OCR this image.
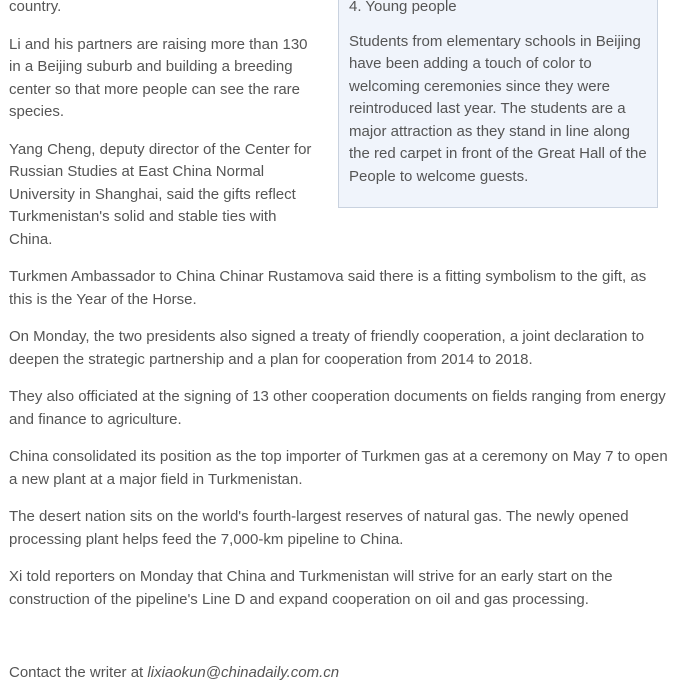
4. Young people

Students from elementary schools in Beijing have been adding a touch of color to welcoming ceremonies since they were reintroduced last year. The students are a major attraction as they stand in line along the red carpet in front of the Great Hall of the People to welcome guests.

country.

Li and his partners are raising more than 130 in a Beijing suburb and building a breeding center so that more people can see the rare species.

Yang Cheng, deputy director of the Center for Russian Studies at East China Normal University in Shanghai, said the gifts reflect Turkmenistan's solid and stable ties with China.

Turkmen Ambassador to China Chinar Rustamova said there is a fitting symbolism to the gift, as this is the Year of the Horse.

On Monday, the two presidents also signed a treaty of friendly cooperation, a joint declaration to deepen the strategic partnership and a plan for cooperation from 2014 to 2018.

They also officiated at the signing of 13 other cooperation documents on fields ranging from energy and finance to agriculture.

China consolidated its position as the top importer of Turkmen gas at a ceremony on May 7 to open a new plant at a major field in Turkmenistan.

The desert nation sits on the world's fourth-largest reserves of natural gas. The newly opened processing plant helps feed the 7,000-km pipeline to China.

Xi told reporters on Monday that China and Turkmenistan will strive for an early start on the construction of the pipeline's Line D and expand cooperation on oil and gas processing.

Contact the writer at lixiaokun@chinadaily.com.cn
